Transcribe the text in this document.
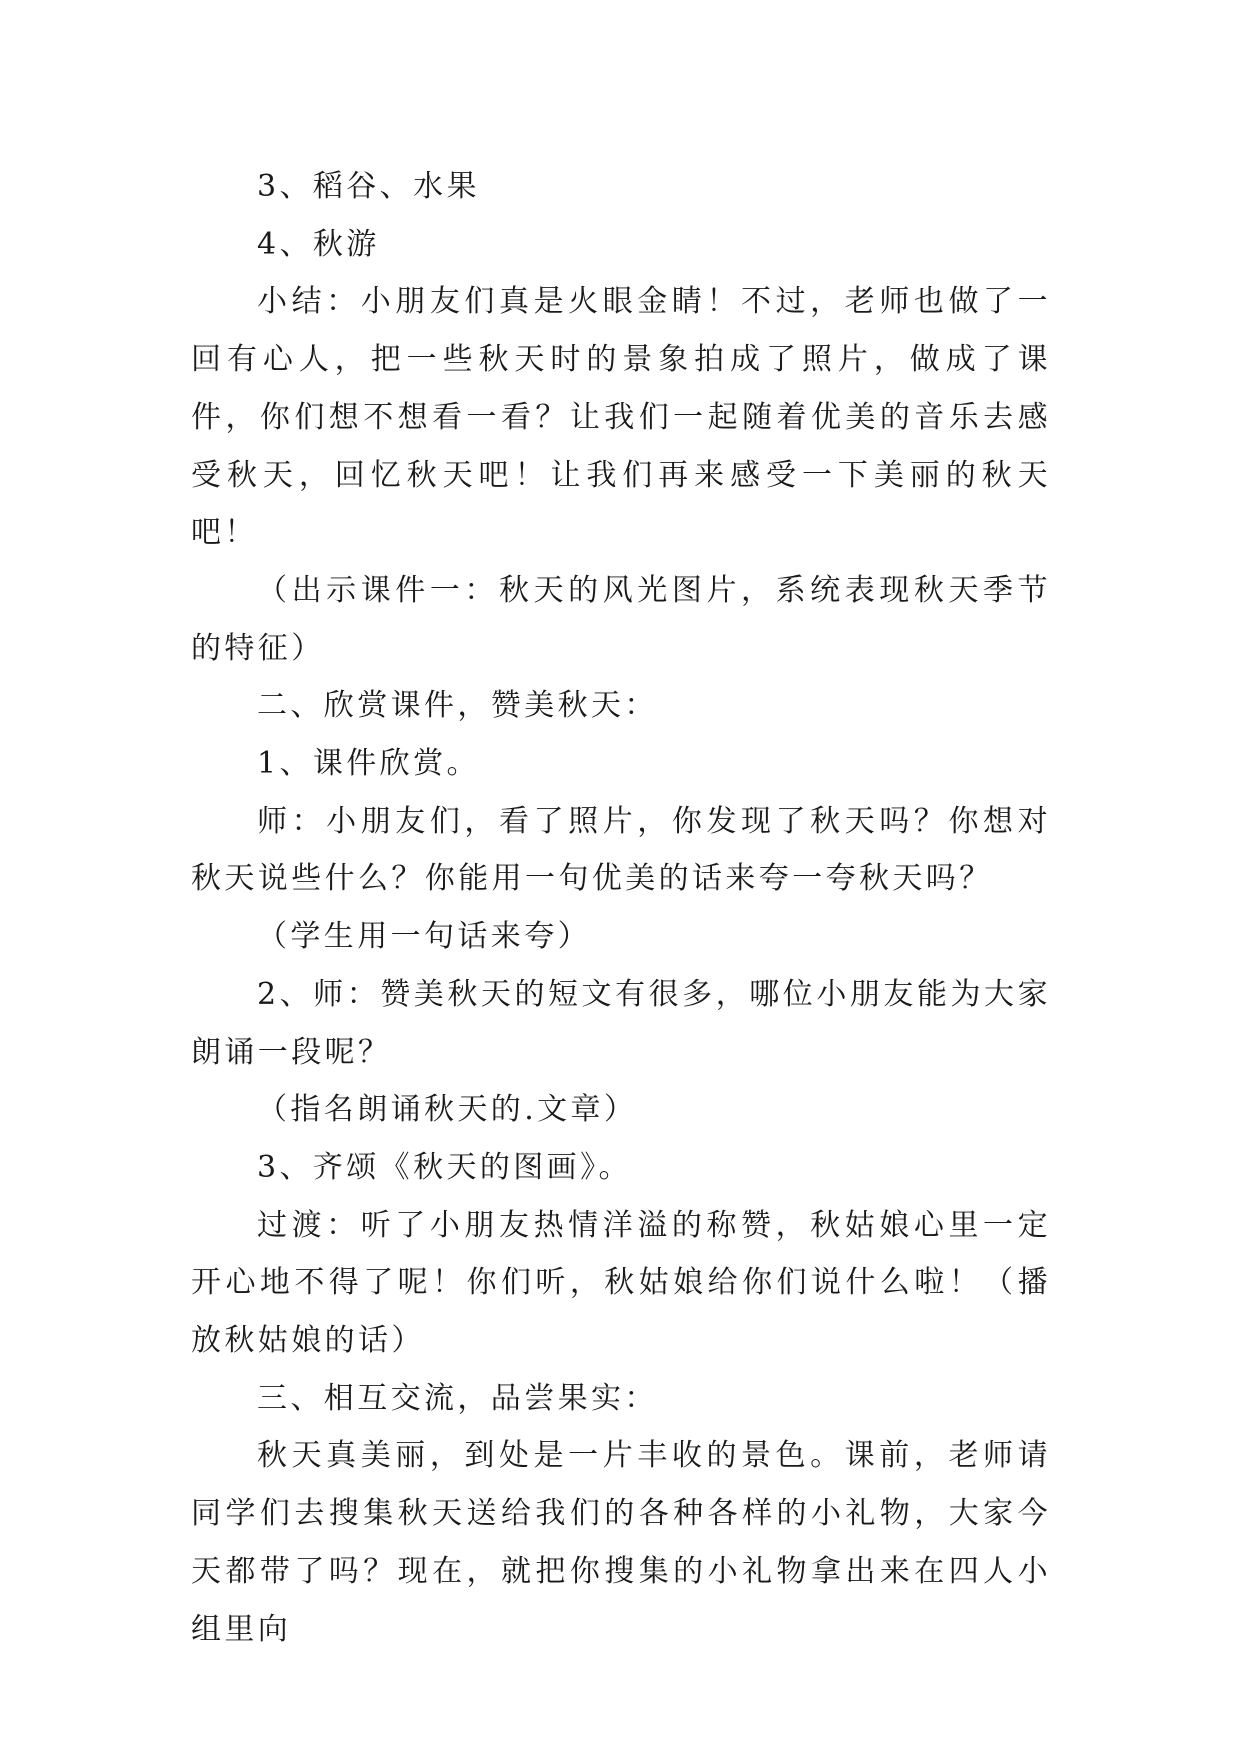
3、稻谷、水果

4、秋游

小结：小朋友们真是火眼金睛！不过，老师也做了一回有心人，把一些秋天时的景象拍成了照片，做成了课件，你们想不想看一看？让我们一起随着优美的音乐去感受秋天，回忆秋天吧！让我们再来感受一下美丽的秋天吧！

（出示课件一：秋天的风光图片，系统表现秋天季节的特征）

二、欣赏课件，赞美秋天：

1、课件欣赏。

师：小朋友们，看了照片，你发现了秋天吗？你想对秋天说些什么？你能用一句优美的话来夸一夸秋天吗？

（学生用一句话来夸）

2、师：赞美秋天的短文有很多，哪位小朋友能为大家朗诵一段呢？

（指名朗诵秋天的.文章）

3、齐颂《秋天的图画》。

过渡：听了小朋友热情洋溢的称赞，秋姑娘心里一定开心地不得了呢！你们听，秋姑娘给你们说什么啦！（播放秋姑娘的话）

三、相互交流，品尝果实：

秋天真美丽，到处是一片丰收的景色。课前，老师请同学们去搜集秋天送给我们的各种各样的小礼物，大家今天都带了吗？现在，就把你搜集的小礼物拿出来在四人小组里向
